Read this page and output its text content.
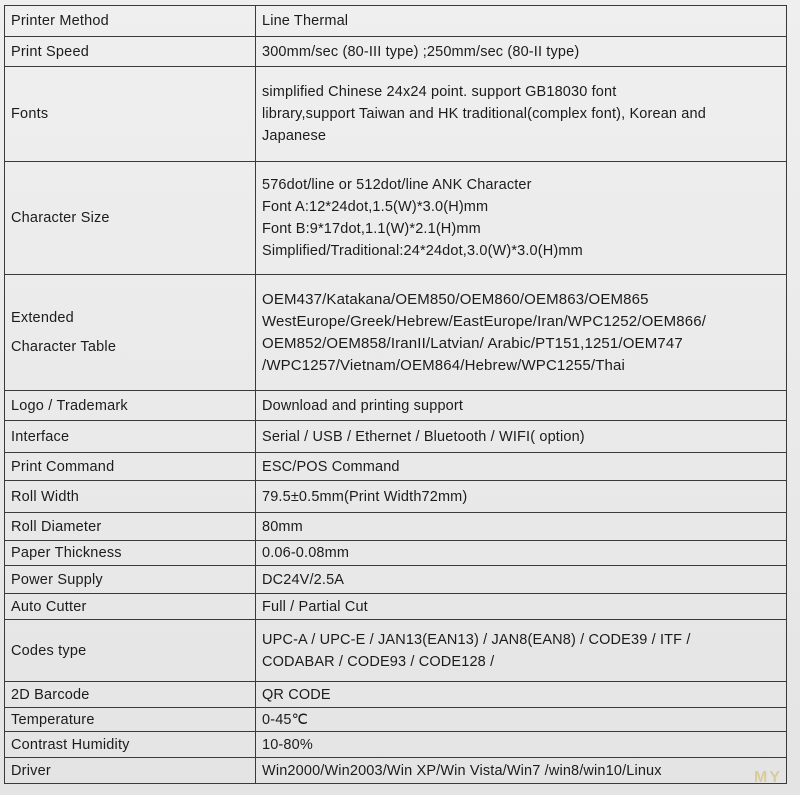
Printer Method	Line Thermal

Print Speed	300mm/sec (80-III type) ;250mm/sec (80-II type)

Fonts	simplified Chinese 24x24 point. support GB18030 font
library,support Taiwan and HK traditional(complex font), Korean and
Japanese

Character Size	576dot/line or 512dot/line ANK Character
Font A:12*24dot,1.5(W)*3.0(H)mm
Font B:9*17dot,1.1(W)*2.1(H)mm
Simplified/Traditional:24*24dot,3.0(W)*3.0(H)mm

Extended
Character Table	OEM437/Katakana/OEM850/OEM860/OEM863/OEM865
WestEurope/Greek/Hebrew/EastEurope/Iran/WPC1252/OEM866/
OEM852/OEM858/IranII/Latvian/ Arabic/PT151,1251/OEM747
/WPC1257/Vietnam/OEM864/Hebrew/WPC1255/Thai

Logo / Trademark	Download and printing support

Interface	Serial / USB / Ethernet / Bluetooth / WIFI( option)

Print Command	ESC/POS Command

Roll Width	79.5±0.5mm(Print Width72mm)

Roll Diameter	80mm

Paper Thickness	0.06-0.08mm

Power Supply	DC24V/2.5A

Auto Cutter	Full / Partial Cut

Codes type	UPC-A / UPC-E / JAN13(EAN13) / JAN8(EAN8) / CODE39 / ITF /
CODABAR / CODE93 / CODE128 /

2D Barcode	QR CODE

Temperature	0-45℃

Contrast Humidity	10-80%

Driver	Win2000/Win2003/Win XP/Win Vista/Win7 /win8/win10/Linux	MY
